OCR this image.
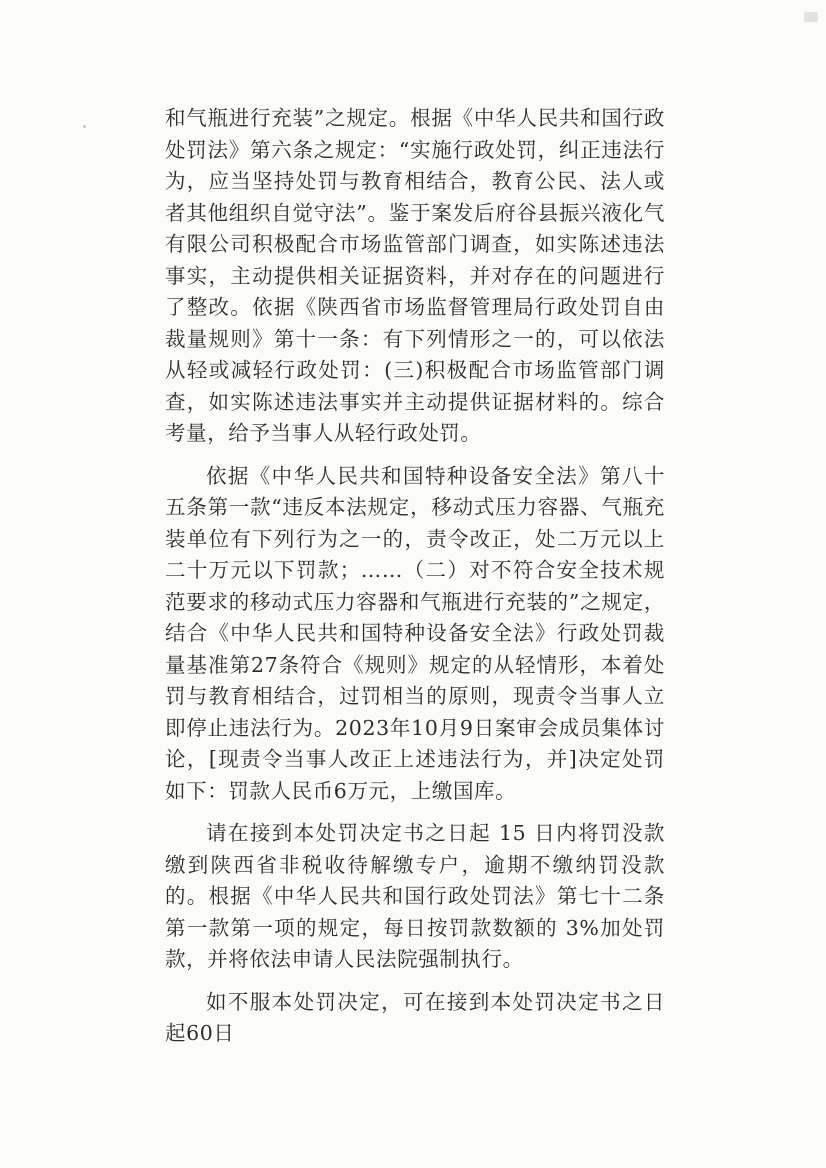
和气瓶进行充装”之规定。根据《中华人民共和国行政处罚法》第六条之规定：“实施行政处罚，纠正违法行为，应当坚持处罚与教育相结合，教育公民、法人或者其他组织自觉守法”。鉴于案发后府谷县振兴液化气有限公司积极配合市场监管部门调查，如实陈述违法事实，主动提供相关证据资料，并对存在的问题进行了整改。依据《陕西省市场监督管理局行政处罚自由裁量规则》第十一条：有下列情形之一的，可以依法从轻或减轻行政处罚：(三)积极配合市场监管部门调查，如实陈述违法事实并主动提供证据材料的。综合考量，给予当事人从轻行政处罚。

依据《中华人民共和国特种设备安全法》第八十五条第一款“违反本法规定，移动式压力容器、气瓶充装单位有下列行为之一的，责令改正，处二万元以上二十万元以下罚款；……（二）对不符合安全技术规范要求的移动式压力容器和气瓶进行充装的”之规定，结合《中华人民共和国特种设备安全法》行政处罚裁量基准第27条符合《规则》规定的从轻情形，本着处罚与教育相结合，过罚相当的原则，现责令当事人立即停止违法行为。2023年10月9日案审会成员集体讨论，[现责令当事人改正上述违法行为，并]决定处罚如下：罚款人民币6万元，上缴国库。

请在接到本处罚决定书之日起 15 日内将罚没款缴到陕西省非税收待解缴专户，逾期不缴纳罚没款的。根据《中华人民共和国行政处罚法》第七十二条第一款第一项的规定，每日按罚款数额的 3%加处罚款，并将依法申请人民法院强制执行。

如不服本处罚决定，可在接到本处罚决定书之日起60日
